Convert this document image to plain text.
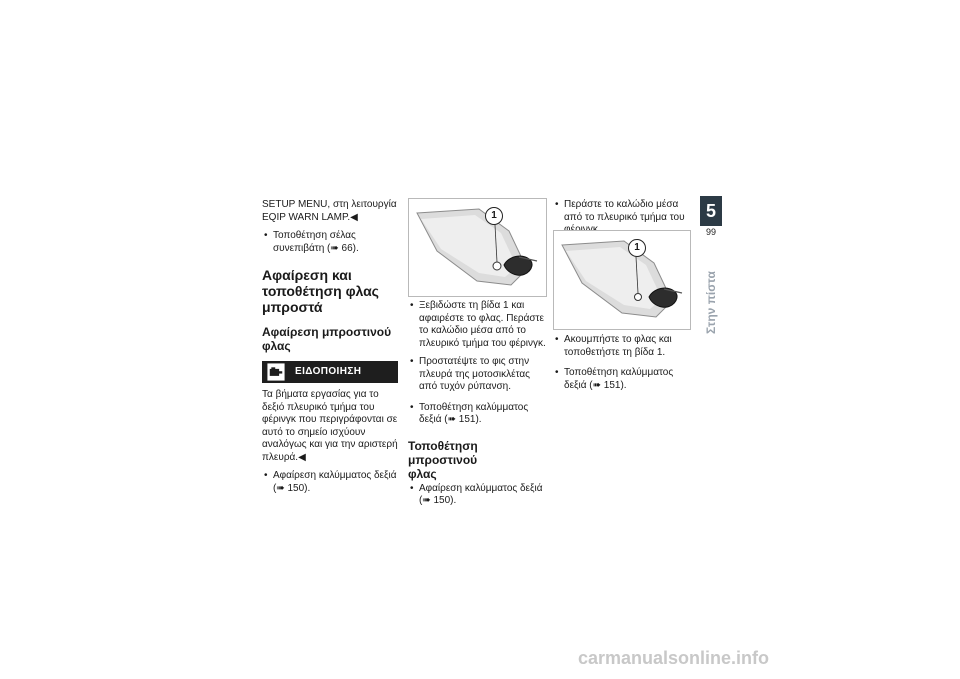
SETUP MENU, στη λειτουργία EQIP WARN LAMP.◀

• Τοποθέτηση σέλας συνεπιβάτη (➠ 66).
Αφαίρεση και
τοποθέτηση φλας
μπροστά
Αφαίρεση μπροστινού
φλας
ΕΙΔΟΠΟΙΗΣΗ

Τα βήματα εργασίας για το δεξιό πλευρικό τμήμα του φέρινγκ που περιγράφονται σε αυτό το σημείο ισχύουν αναλόγως και για την αριστερή πλευρά.◀

• Αφαίρεση καλύμματος δεξιά (➠ 150).
1
• Ξεβιδώστε τη βίδα 1 και αφαιρέστε το φλας. Περάστε το καλώδιο μέσα από το πλευρικό τμήμα του φέρινγκ.
• Προστατέψτε το φις στην πλευρά της μοτοσικλέτας από τυχόν ρύπανση.
• Τοποθέτηση καλύμματος δεξιά (➠ 151).
Τοποθέτηση μπροστινού
φλας
• Αφαίρεση καλύμματος δεξιά (➠ 150).
• Περάστε το καλώδιο μέσα από το πλευρικό τμήμα του
1
• Ακουμπήστε το φλας και τοποθετήστε τη βίδα 1.
• Τοποθέτηση καλύμματος δεξιά (➠ 151).
5
99
Στην πίστα
carmanualsonline.info
